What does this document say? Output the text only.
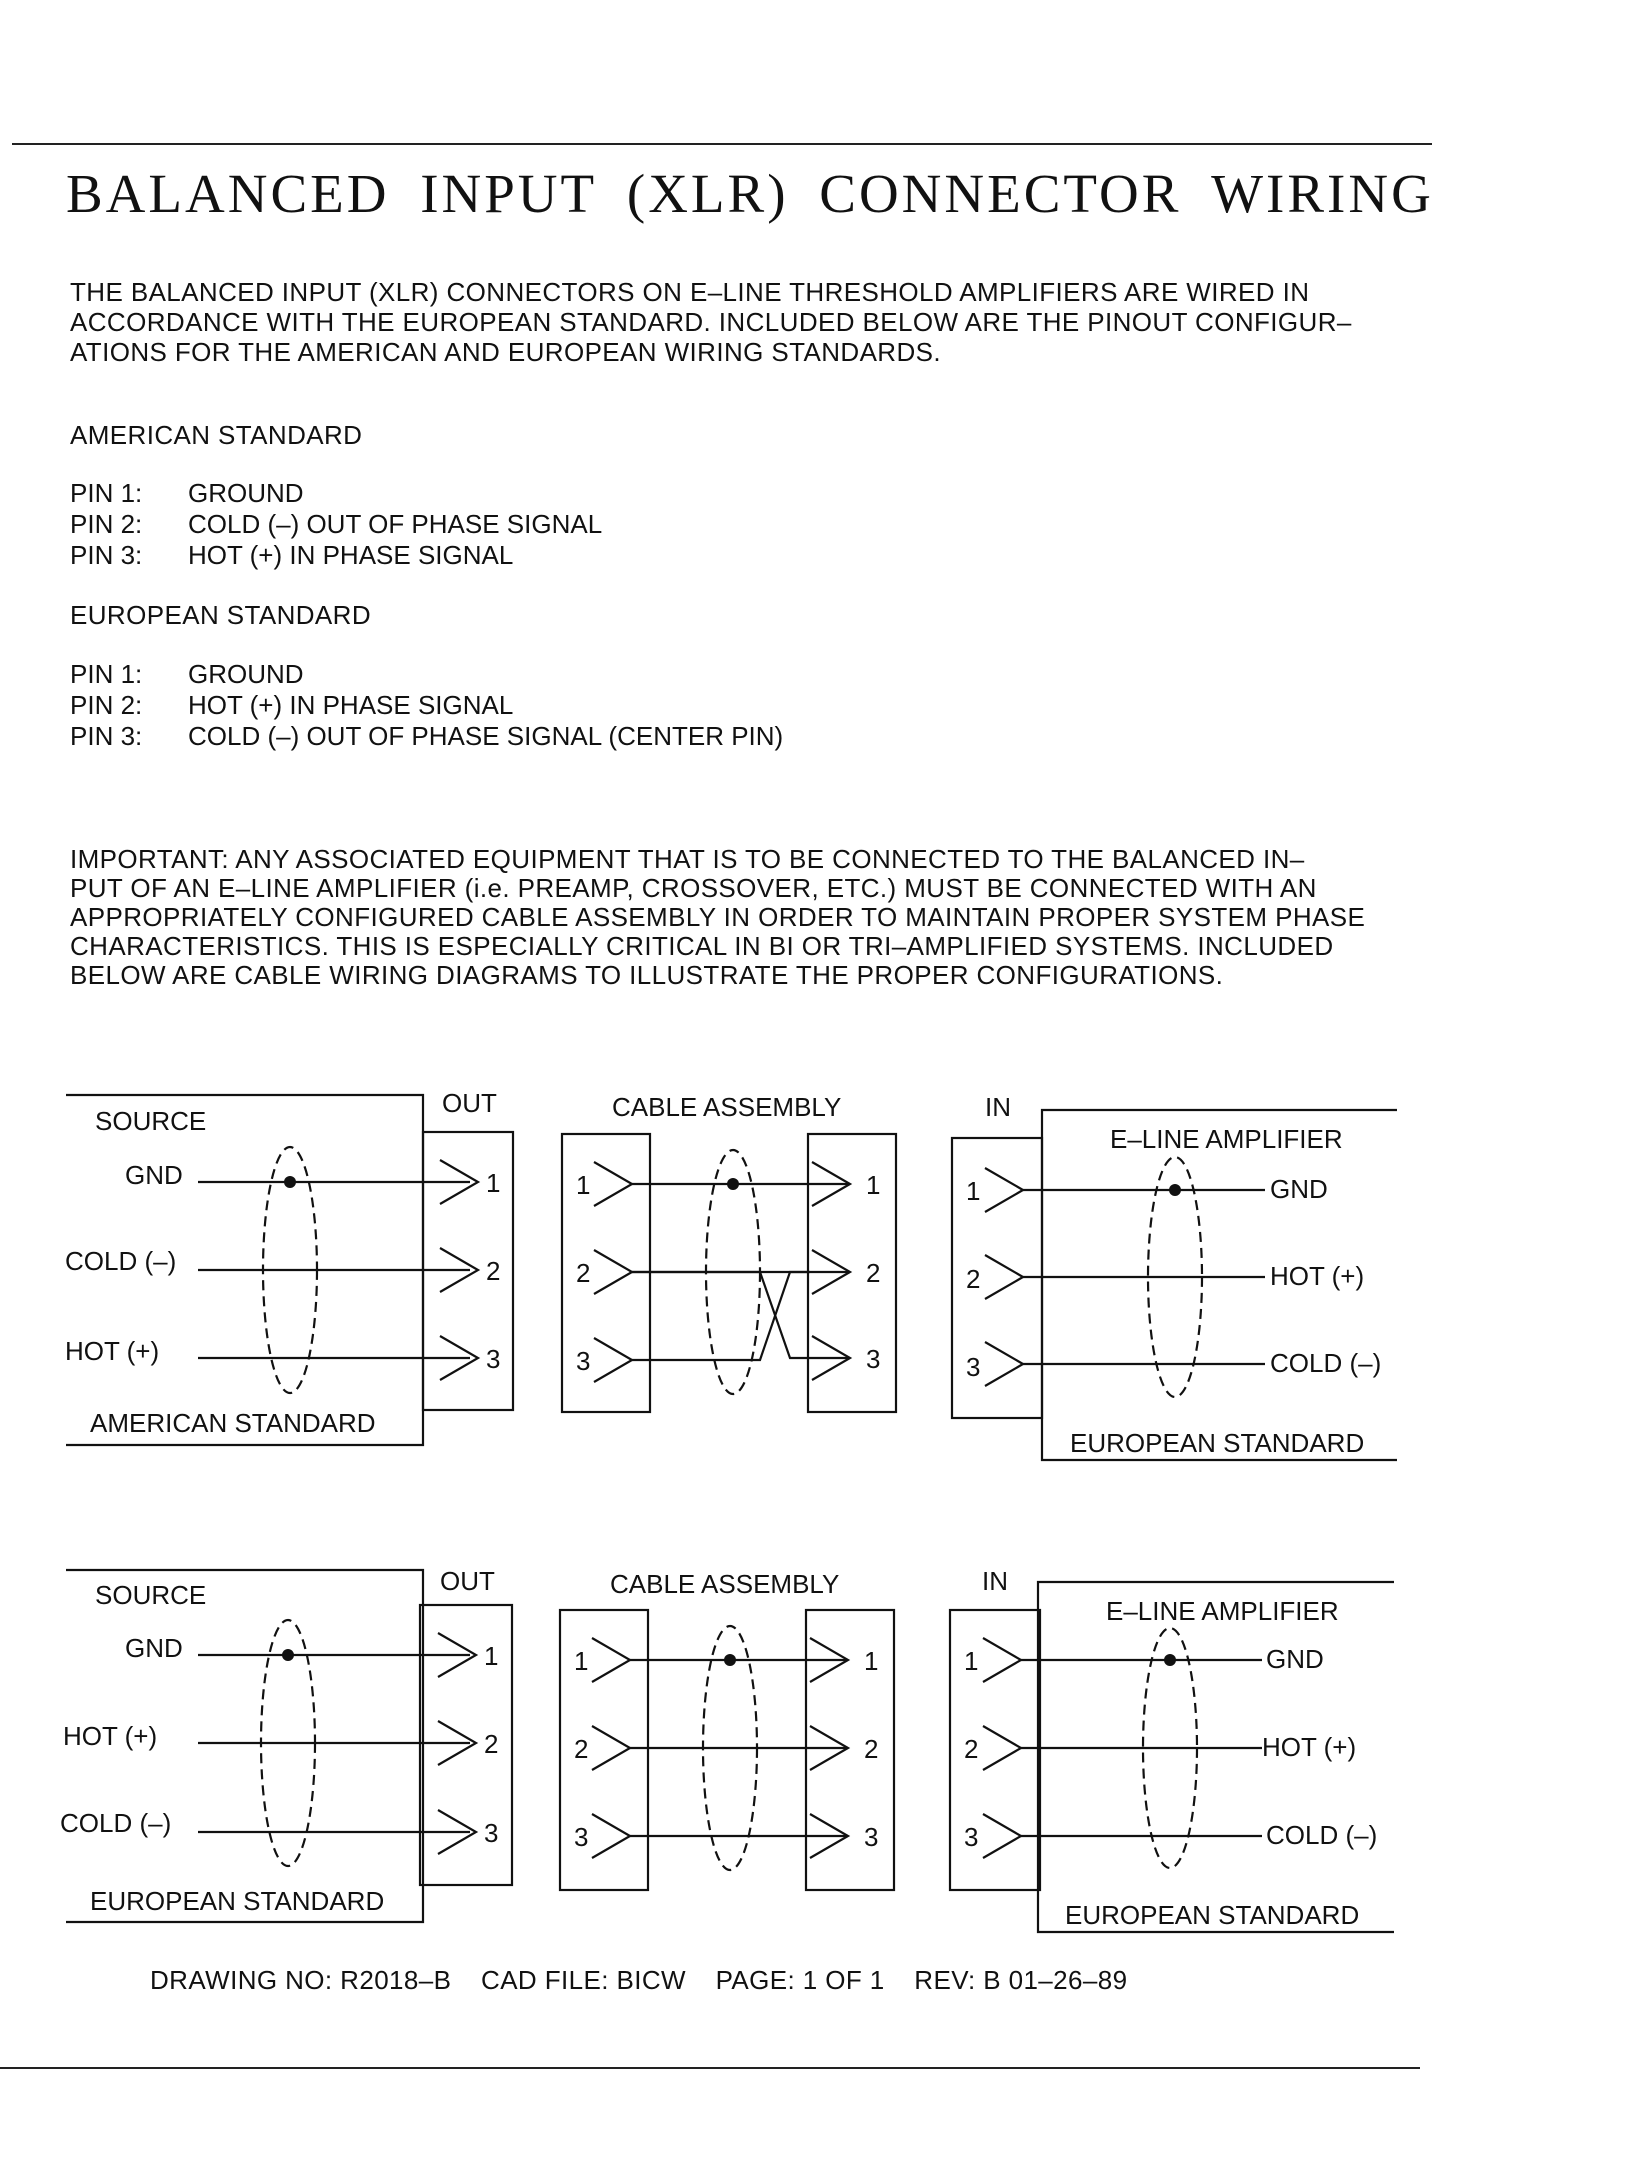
BALANCED INPUT (XLR) CONNECTOR WIRING
THE BALANCED INPUT (XLR) CONNECTORS ON E–LINE THRESHOLD AMPLIFIERS ARE WIRED IN
ACCORDANCE WITH THE EUROPEAN STANDARD. INCLUDED BELOW ARE THE PINOUT CONFIGUR–
ATIONS FOR THE AMERICAN AND EUROPEAN WIRING STANDARDS.
AMERICAN STANDARD
PIN 1:	GROUND
PIN 2:	COLD (–) OUT OF PHASE SIGNAL
PIN 3:	HOT (+) IN PHASE SIGNAL
EUROPEAN STANDARD
PIN 1:	GROUND
PIN 2:	HOT (+) IN PHASE SIGNAL
PIN 3:	COLD (–) OUT OF PHASE SIGNAL (CENTER PIN)
IMPORTANT: ANY ASSOCIATED EQUIPMENT THAT IS TO BE CONNECTED TO THE BALANCED IN–
PUT OF AN E–LINE AMPLIFIER (i.e. PREAMP, CROSSOVER, ETC.) MUST BE CONNECTED WITH AN
APPROPRIATELY CONFIGURED CABLE ASSEMBLY IN ORDER TO MAINTAIN PROPER SYSTEM PHASE
CHARACTERISTICS. THIS IS ESPECIALLY CRITICAL IN BI OR TRI–AMPLIFIED SYSTEMS. INCLUDED
BELOW ARE CABLE WIRING DIAGRAMS TO ILLUSTRATE THE PROPER CONFIGURATIONS.
SOURCE
GND
COLD (–)
HOT (+)
AMERICAN STANDARD
OUT
1
2
3
CABLE ASSEMBLY
1
2
3
1
2
3
IN
1
2
3
E–LINE AMPLIFIER
GND
HOT (+)
COLD (–)
EUROPEAN STANDARD
SOURCE
GND
HOT (+)
COLD (–)
EUROPEAN STANDARD
OUT
1
2
3
CABLE ASSEMBLY
1
2
3
1
2
3
IN
1
2
3
E–LINE AMPLIFIER
GND
HOT (+)
COLD (–)
EUROPEAN STANDARD
DRAWING NO: R2018–B CAD FILE: BICW PAGE: 1 OF 1 REV: B 01–26–89
